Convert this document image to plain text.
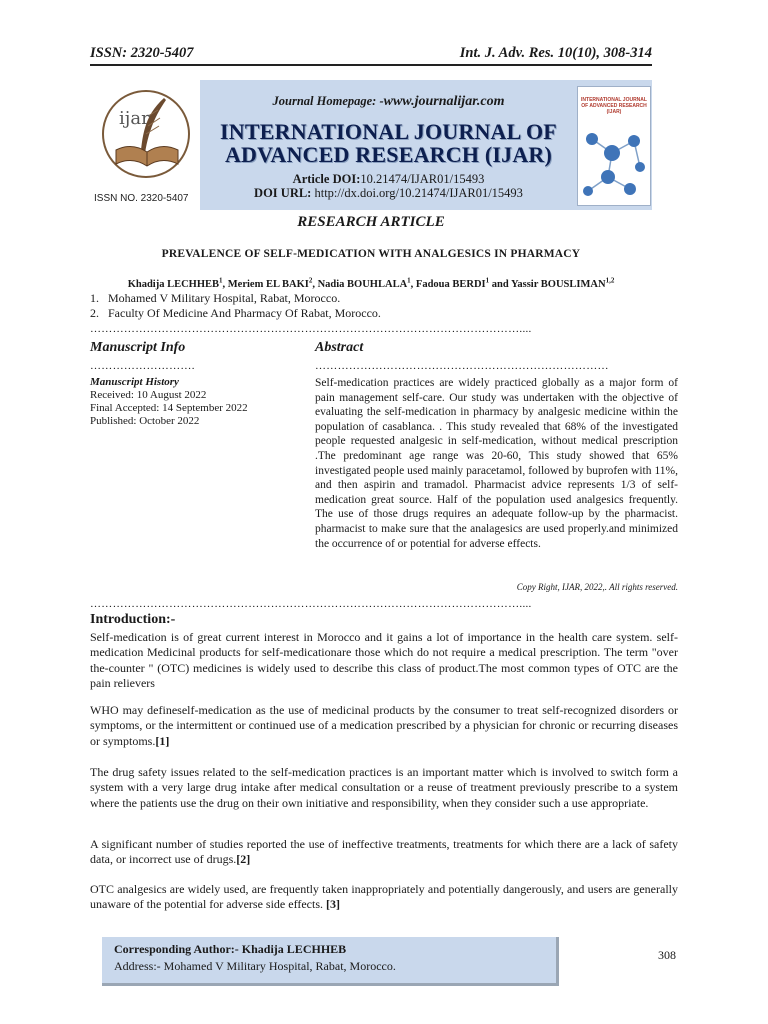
ISSN: 2320-5407	Int. J. Adv. Res. 10(10), 308-314
ijar
ISSN NO. 2320-5407
Journal Homepage: -www.journalijar.com
INTERNATIONAL JOURNAL OF
ADVANCED RESEARCH (IJAR)
Article DOI:10.21474/IJAR01/15493
DOI URL: http://dx.doi.org/10.21474/IJAR01/15493
INTERNATIONAL JOURNAL OF ADVANCED RESEARCH (IJAR)
RESEARCH ARTICLE
PREVALENCE OF SELF-MEDICATION WITH ANALGESICS IN PHARMACY
Khadija LECHHEB$^1$, Meriem EL BAKI$^2$, Nadia BOUHLALA$^1$, Fadoua BERDI$^1$ and Yassir BOUSLIMAN$^{1,2}$
1.   Mohamed V Military Hospital, Rabat, Morocco.
2.   Faculty Of Medicine And Pharmacy Of Rabat, Morocco.
……………………………………………………………………………………………………....
Manuscript Info	Abstract
……………………….	……………………………………………………………………
Manuscript History
Received: 10 August 2022
Final Accepted: 14 September 2022
Published: October 2022
Self-medication practices are widely practiced globally as a major form of pain management self-care. Our study was undertaken with the objective of evaluating the self-medication in pharmacy by analgesic medicine within the population of casablanca. . This study revealed that 68% of the investigated people requested analgesic in self-medication, without medical prescription .The predominant age range was 20-60, This study showed that 65% investigated people used mainly paracetamol, followed by buprofen with 11%, and then aspirin and tramadol. Pharmacist advice represents 1/3 of self-medication great source. Half of the population used analgesics frequently. The use of those drugs requires an adequate follow-up by the pharmacist. pharmacist to make sure that the analagesics are used properly.and minimized the occurrence of or potential for adverse effects.
Copy Right, IJAR, 2022,. All rights reserved.
……………………………………………………………………………………………………....
Introduction:-
Self-medication is of great current interest in Morocco and it gains a lot of importance in the health care system. self-medication Medicinal products for self-medicationare those which do not require a medical prescription. The term "over the-counter " (OTC) medicines is widely used to describe this class of product.The most common types of OTC are the pain relievers
WHO may defineself-medication as the use of medicinal products by the consumer to treat self-recognized disorders or symptoms, or the intermittent or continued use of a medication prescribed by a physician for chronic or recurring diseases or symptoms.[1]
The drug safety issues related to the self-medication practices is an important matter which is involved to switch form a system with a very large drug intake after medical consultation or a reuse of treatment previously prescribe to a system where the patients use the drug on their own initiative and responsibility, when they consider such a use appropriate.
A significant number of studies reported the use of ineffective treatments, treatments for which there are a lack of safety data, or incorrect use of drugs.[2]
OTC analgesics are widely used, are frequently taken inappropriately and potentially dangerously, and users are generally unaware of the potential for adverse side effects. [3]
Corresponding Author:- Khadija LECHHEB
Address:- Mohamed V Military Hospital, Rabat, Morocco.
308
